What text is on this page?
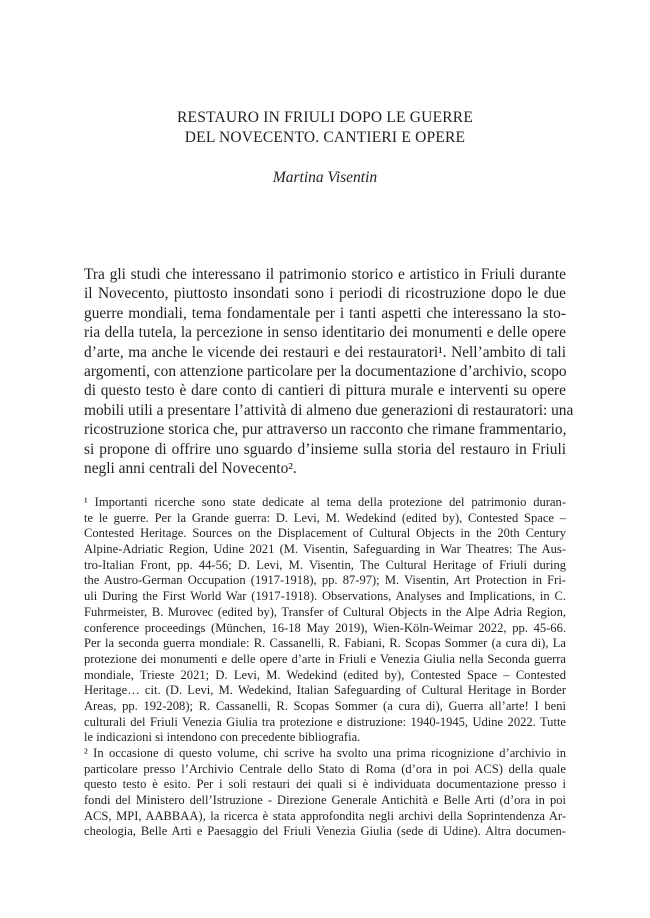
RESTAURO IN FRIULI DOPO LE GUERRE
DEL NOVECENTO. CANTIERI E OPERE
Martina Visentin
Tra gli studi che interessano il patrimonio storico e artistico in Friuli durante
il Novecento, piuttosto insondati sono i periodi di ricostruzione dopo le due
guerre mondiali, tema fondamentale per i tanti aspetti che interessano la sto-
ria della tutela, la percezione in senso identitario dei monumenti e delle opere
d’arte, ma anche le vicende dei restauri e dei restauratori¹. Nell’ambito di tali
argomenti, con attenzione particolare per la documentazione d’archivio, scopo
di questo testo è dare conto di cantieri di pittura murale e interventi su opere
mobili utili a presentare l’attività di almeno due generazioni di restauratori: una
ricostruzione storica che, pur attraverso un racconto che rimane frammentario,
si propone di offrire uno sguardo d’insieme sulla storia del restauro in Friuli
negli anni centrali del Novecento².
¹ Importanti ricerche sono state dedicate al tema della protezione del patrimonio duran-
te le guerre. Per la Grande guerra: D. Levi, M. Wedekind (edited by), Contested Space –
Contested Heritage. Sources on the Displacement of Cultural Objects in the 20th Century
Alpine-Adriatic Region, Udine 2021 (M. Visentin, Safeguarding in War Theatres: The Aus-
tro-Italian Front, pp. 44-56; D. Levi, M. Visentin, The Cultural Heritage of Friuli during
the Austro-German Occupation (1917-1918), pp. 87-97); M. Visentin, Art Protection in Fri-
uli During the First World War (1917-1918). Observations, Analyses and Implications, in C.
Fuhrmeister, B. Murovec (edited by), Transfer of Cultural Objects in the Alpe Adria Region,
conference proceedings (München, 16-18 May 2019), Wien-Köln-Weimar 2022, pp. 45-66.
Per la seconda guerra mondiale: R. Cassanelli, R. Fabiani, R. Scopas Sommer (a cura di), La
protezione dei monumenti e delle opere d’arte in Friuli e Venezia Giulia nella Seconda guerra
mondiale, Trieste 2021; D. Levi, M. Wedekind (edited by), Contested Space – Contested
Heritage… cit. (D. Levi, M. Wedekind, Italian Safeguarding of Cultural Heritage in Border
Areas, pp. 192-208); R. Cassanelli, R. Scopas Sommer (a cura di), Guerra all’arte! I beni
culturali del Friuli Venezia Giulia tra protezione e distruzione: 1940-1945, Udine 2022. Tutte
le indicazioni si intendono con precedente bibliografia.
² In occasione di questo volume, chi scrive ha svolto una prima ricognizione d’archivio in
particolare presso l’Archivio Centrale dello Stato di Roma (d’ora in poi ACS) della quale
questo testo è esito. Per i soli restauri dei quali si è individuata documentazione presso i
fondi del Ministero dell’Istruzione - Direzione Generale Antichità e Belle Arti (d’ora in poi
ACS, MPI, AABBAA), la ricerca è stata approfondita negli archivi della Soprintendenza Ar-
cheologia, Belle Arti e Paesaggio del Friuli Venezia Giulia (sede di Udine). Altra documen-
